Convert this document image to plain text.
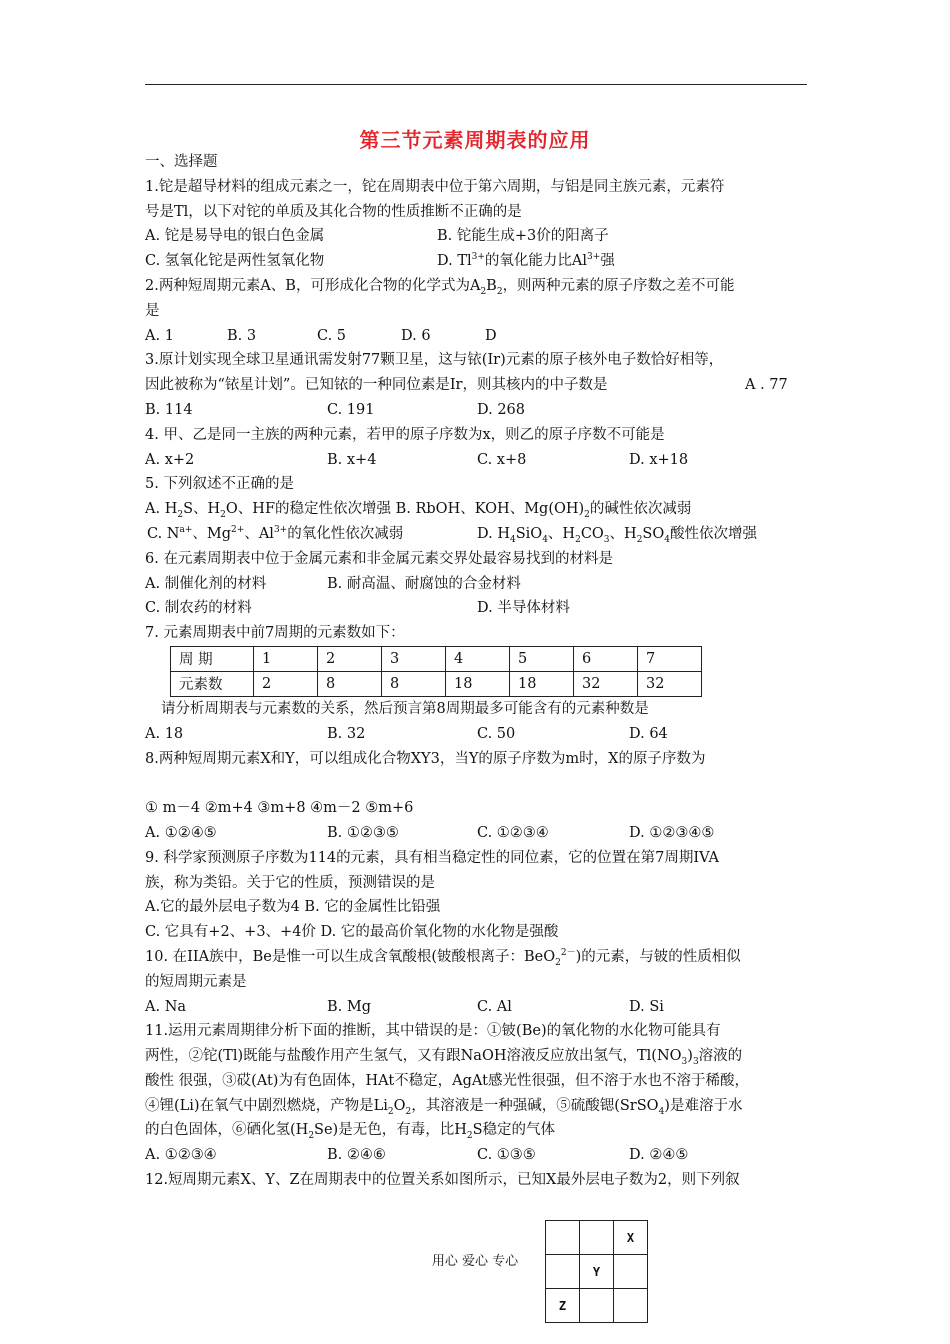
第三节元素周期表的应用
一、选择题
1.铊是超导材料的组成元素之一，铊在周期表中位于第六周期，与铝是同主族元素，元素符
号是Tl，以下对铊的单质及其化合物的性质推断不正确的是
A. 铊是易导电的银白色金属	B. 铊能生成+3价的阳离子
C. 氢氧化铊是两性氢氧化物	D. $Tl^{3+}$的氧化能力比$Al^{3+}$强
2.两种短周期元素A、B，可形成化合物的化学式为$A_2B_2$，则两种元素的原子序数之差不可能
是
A. 1	B. 3	C. 5	D. 6	D
3.原计划实现全球卫星通讯需发射77颗卫星，这与铱(Ir)元素的原子核外电子数恰好相等，
因此被称为“铱星计划”。已知铱的一种同位素是Ir，则其核内的中子数是	A . 77
B. 114	C. 191	D. 268
4. 甲、乙是同一主族的两种元素，若甲的原子序数为x，则乙的原子序数不可能是
A. x+2	B. x+4	C. x+8	D. x+18
5. 下列叙述不正确的是
A. $H_2S$、$H_2O$、HF的稳定性依次增强 B. RbOH、KOH、$Mg(OH)_2$的碱性依次减弱
C. $N^{a+}$、$Mg^{2+}$、$Al^{3+}$的氧化性依次减弱	D. $H_4SiO_4$、$H_2CO_3$、$H_2SO_4$酸性依次增强
6. 在元素周期表中位于金属元素和非金属元素交界处最容易找到的材料是
A. 制催化剂的材料	B. 耐高温、耐腐蚀的合金材料
C. 制农药的材料	D. 半导体材料
7. 元素周期表中前7周期的元素数如下：
周 期	1	2	3	4	5	6	7
元素数	2	8	8	18	18	32	32
请分析周期表与元素数的关系，然后预言第8周期最多可能含有的元素种数是
A. 18	B. 32	C. 50	D. 64
8.两种短周期元素X和Y，可以组成化合物XY3，当Y的原子序数为m时，X的原子序数为
① m－4 ②m+4 ③m+8 ④m－2 ⑤m+6
A. ①②④⑤	B. ①②③⑤	C. ①②③④	D. ①②③④⑤
9. 科学家预测原子序数为114的元素，具有相当稳定性的同位素，它的位置在第7周期IVA
族，称为类铅。关于它的性质，预测错误的是
A.它的最外层电子数为4 B. 它的金属性比铅强
C. 它具有+2、+3、+4价 D. 它的最高价氧化物的水化物是强酸
10. 在IIA族中，Be是惟一可以生成含氧酸根(铍酸根离子：BeO$_2^{2-}$)的元素，与铍的性质相似
的短周期元素是
A. Na	B. Mg	C. Al	D. Si
11.运用元素周期律分析下面的推断，其中错误的是：①铍(Be)的氧化物的水化物可能具有
两性，②铊(Tl)既能与盐酸作用产生氢气，又有跟NaOH溶液反应放出氢气，$Tl(NO_3)_3$溶液的
酸性 很强，③砹(At)为有色固体，HAt不稳定，AgAt感光性很强，但不溶于水也不溶于稀酸，
④锂(Li)在氧气中剧烈燃烧，产物是$Li_2O_2$，其溶液是一种强碱，⑤硫酸锶(SrSO$_4$)是难溶于水
的白色固体，⑥硒化氢$(H_2Se)$是无色，有毒，比$H_2S$稳定的气体
A. ①②③④	B. ②④⑥	C. ①③⑤	D. ②④⑤
12.短周期元素X、Y、Z在周期表中的位置关系如图所示，已知X最外层电子数为2，则下列叙
用心 爱心 专心
		X
	Y	
Z		
